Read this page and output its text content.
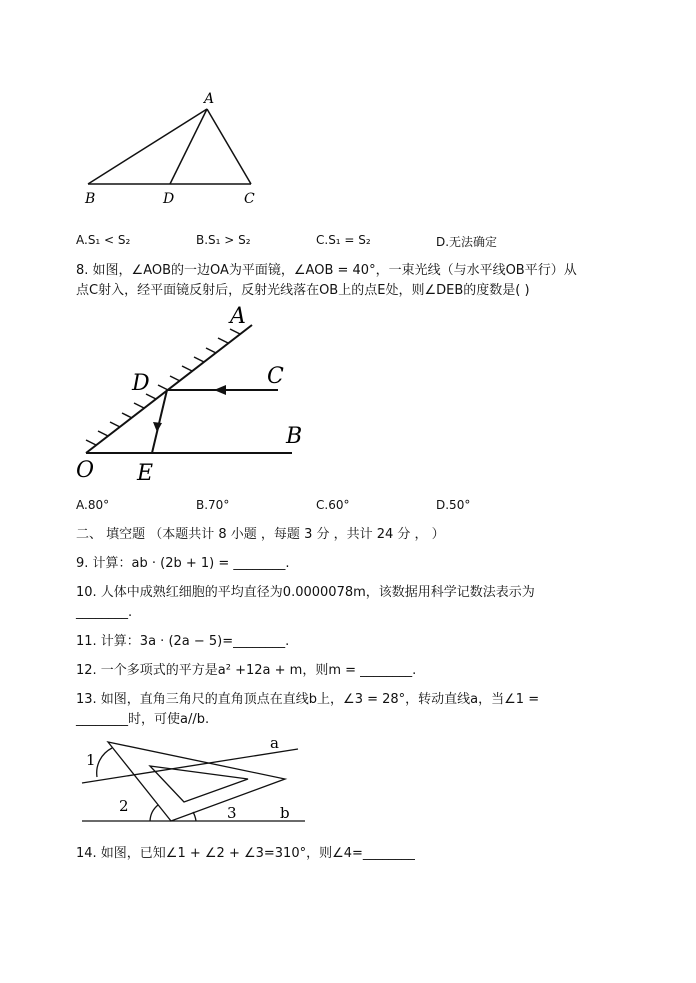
A
B	D	C
A.S₁ < S₂	B.S₁ > S₂	C.S₁ = S₂	D.无法确定
8. 如图，∠AOB的一边OA为平面镜，∠AOB = 40°，一束光线（与水平线OB平行）从
点C射入，经平面镜反射后，反射光线落在OB上的点E处，则∠DEB的度数是( )
A
C
D
B
O E
A.80°	B.70°	C.60°	D.50°
二、 填空题 （本题共计 8 小题 ，每题 3 分 ，共计 24 分 ， ）
9. 计算：ab · (2b + 1) = ________.
10. 人体中成熟红细胞的平均直径为0.0000078m，该数据用科学记数法表示为
________.
11. 计算：3a · (2a − 5)=________.
12. 一个多项式的平方是a² +12a + m，则m = ________.
13. 如图，直角三角尺的直角顶点在直线b上，∠3 = 28°，转动直线a，当∠1 =
________时，可使a//b.
1
2	3
a
b
14. 如图，已知∠1 + ∠2 + ∠3=310°，则∠4=________
